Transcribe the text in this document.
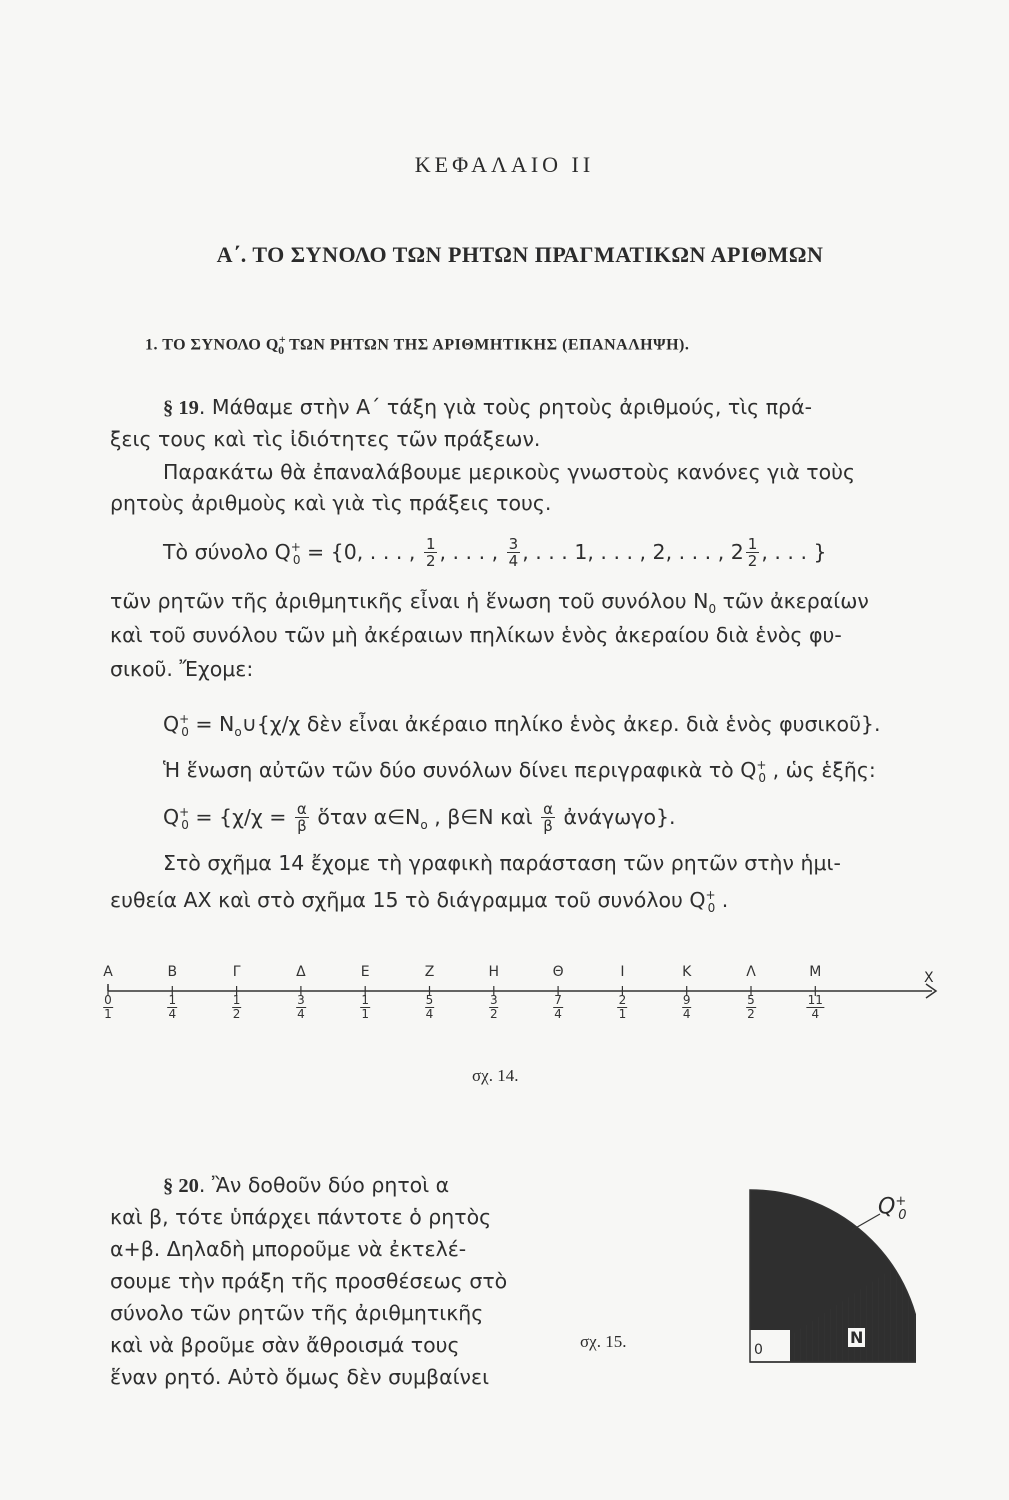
ΚΕΦΑΛΑΙΟ ΙΙ
Α΄. ΤΟ ΣΥΝΟΛΟ ΤΩΝ ΡΗΤΩΝ ΠΡΑΓΜΑΤΙΚΩΝ ΑΡΙΘΜΩΝ
1. ΤΟ ΣΥΝΟΛΟ $Q^+_0$ ΤΩΝ ΡΗΤΩΝ ΤΗΣ ΑΡΙΘΜΗΤΙΚΗΣ (ΕΠΑΝΑΛΗΨΗ).
§ 19. Μάθαμε στὴν Α΄ τάξη γιὰ τοὺς ρητοὺς ἀριθμούς, τὶς πρά-
ξεις τους καὶ τὶς ἰδιότητες τῶν πράξεων.
Παρακάτω θὰ ἐπαναλάβουμε μερικοὺς γνωστοὺς κανόνες γιὰ τοὺς
ρητοὺς ἀριθμοὺς καὶ γιὰ τὶς πράξεις τους.
Τὸ σύνολο $Q^+_0 = \{0$, . . . , $\frac{1}{2}$ , . . . , $\frac{3}{4}$ , . . . 1, . . . , 2, . . . , $2 \frac{1}{2}$ , . . . }
τῶν ρητῶν τῆς ἀριθμητικῆς εἶναι ἡ ἕνωση τοῦ συνόλου $N_0$ τῶν ἀκεραίων
καὶ τοῦ συνόλου τῶν μὴ ἀκέραιων πηλίκων ἑνὸς ἀκεραίου διὰ ἑνὸς φυ-
σικοῦ. Ἔχομε:
$Q^+_0$ = $N_o\cup\{\chi/\chi$ δὲν εἶναι ἀκέραιο πηλίκο ἑνὸς ἀκερ. διὰ ἑνὸς φυσικοῦ}.
Ἡ ἕνωση αὐτῶν τῶν δύο συνόλων δίνει περιγραφικὰ τὸ $Q^+_0$ , ὡς ἑξῆς:
$Q^+_0 = \{\chi/\chi = \frac{\alpha}{\beta}$ ὅταν $\alpha\in N_o$ , β∈Ν καὶ $\frac{\alpha}{\beta}$ ἀνάγωγο}.
Στὸ σχῆμα 14 ἔχομε τὴ γραφικὴ παράσταση τῶν ρητῶν στὴν ἡμι-
ευθεία ΑΧ καὶ στὸ σχῆμα 15 τὸ διάγραμμα τοῦ συνόλου $Q^+_0$ .
Α	Β	Γ	Δ	Ε	Ζ	Η	Θ	Ι	Κ	Λ	Μ
$\frac{0}{1}$	$\frac{1}{4}$	$\frac{1}{2}$	$\frac{3}{4}$	$\frac{1}{1}$	$\frac{5}{4}$	$\frac{3}{2}$	$\frac{7}{4}$	$\frac{2}{1}$	$\frac{9}{4}$	$\frac{5}{2}$	$\frac{11}{4}$
Χ
σχ. 14.
§ 20. Ἂν δοθοῦν δύο ρητοὶ α
καὶ β, τότε ὑπάρχει πάντοτε ὁ ρητὸς
α+β. Δηλαδὴ μποροῦμε νὰ ἐκτελέ-
σουμε τὴν πράξη τῆς προσθέσεως στὸ
σύνολο τῶν ρητῶν τῆς ἀριθμητικῆς
καὶ νὰ βροῦμε σὰν ἄθροισμά τους
ἕναν ρητό. Αὐτὸ ὅμως δὲν συμβαίνει
σχ. 15.	Ν
0
$Q^+_0$
